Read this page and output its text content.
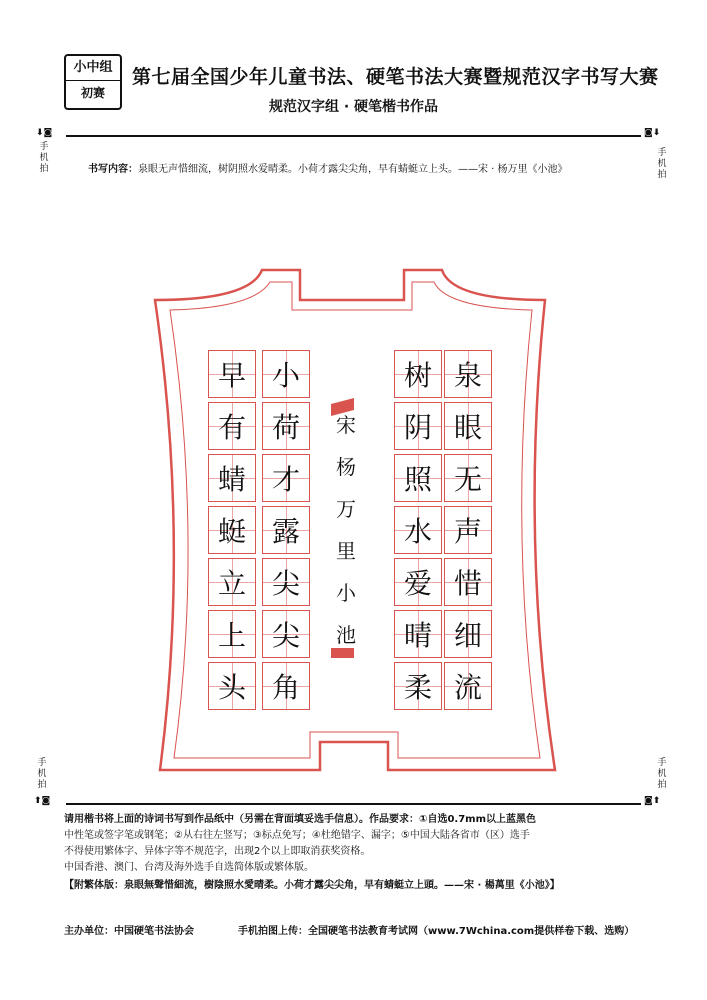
小中组
初赛
第七届全国少年儿童书法、硬笔书法大赛暨规范汉字书写大赛
规范汉字组 · 硬笔楷书作品
⬇◙	◙⬇
手机拍
手机拍
书写内容：泉眼无声惜细流，树阴照水爱晴柔。小荷才露尖尖角，早有蜻蜓立上头。——宋 · 杨万里《小池》
泉
眼
无
声
惜
细
流
树
阴
照
水
爱
晴
柔
小
荷
才
露
尖
尖
角
早
有
蜻
蜓
立
上
头
宋
杨
万
里
小
池
手机拍
手机拍
⬆◙	◙⬆
请用楷书将上面的诗词书写到作品纸中（另需在背面填妥选手信息）。作品要求：①自选0.7mm以上蓝黑色
中性笔或签字笔或钢笔；②从右往左竖写；③标点免写；④杜绝错字、漏字；⑤中国大陆各省市（区）选手
不得使用繁体字、异体字等不规范字，出现2个以上即取消获奖资格。
中国香港、澳门、台湾及海外选手自选简体版或繁体版。
【附繁体版：泉眼無聲惜細流，樹陰照水愛晴柔。小荷才露尖尖角，早有蜻蜓立上頭。——宋 · 楊萬里《小池》】
主办单位：中国硬笔书法协会	手机拍图上传：全国硬笔书法教育考试网（www.7Wchina.com提供样卷下载、选购）
